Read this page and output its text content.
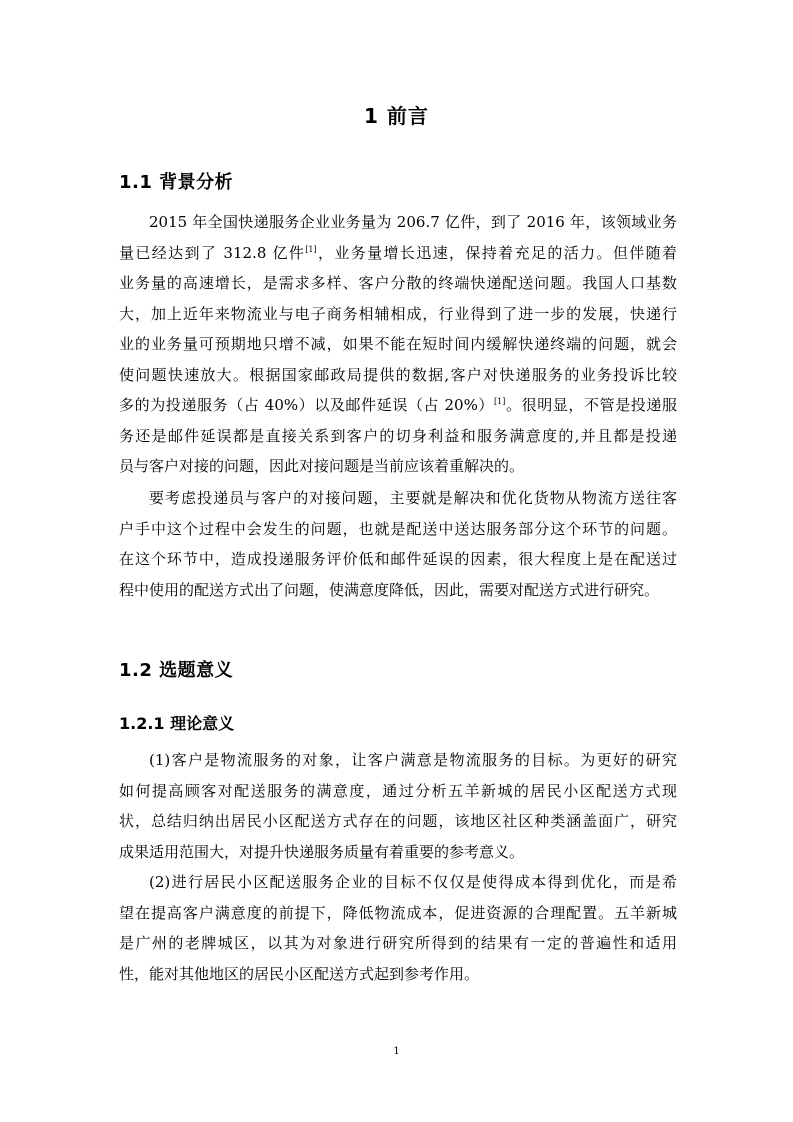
1 前言
1.1 背景分析
2015 年全国快递服务企业业务量为 206.7 亿件，到了 2016 年，该领域业务
量已经达到了 312.8 亿件[1]，业务量增长迅速，保持着充足的活力。但伴随着
业务量的高速增长，是需求多样、客户分散的终端快递配送问题。我国人口基数
大，加上近年来物流业与电子商务相辅相成，行业得到了进一步的发展，快递行
业的业务量可预期地只增不减，如果不能在短时间内缓解快递终端的问题，就会
使问题快速放大。根据国家邮政局提供的数据,客户对快递服务的业务投诉比较
多的为投递服务（占 40%）以及邮件延误（占 20%）[1]。很明显，不管是投递服
务还是邮件延误都是直接关系到客户的切身利益和服务满意度的,并且都是投递
员与客户对接的问题，因此对接问题是当前应该着重解决的。
要考虑投递员与客户的对接问题，主要就是解决和优化货物从物流方送往客
户手中这个过程中会发生的问题，也就是配送中送达服务部分这个环节的问题。
在这个环节中，造成投递服务评价低和邮件延误的因素，很大程度上是在配送过
程中使用的配送方式出了问题，使满意度降低，因此，需要对配送方式进行研究。
1.2 选题意义
1.2.1 理论意义
(1)客户是物流服务的对象，让客户满意是物流服务的目标。为更好的研究
如何提高顾客对配送服务的满意度，通过分析五羊新城的居民小区配送方式现
状，总结归纳出居民小区配送方式存在的问题，该地区社区种类涵盖面广，研究
成果适用范围大，对提升快递服务质量有着重要的参考意义。
(2)进行居民小区配送服务企业的目标不仅仅是使得成本得到优化，而是希
望在提高客户满意度的前提下，降低物流成本，促进资源的合理配置。五羊新城
是广州的老牌城区，以其为对象进行研究所得到的结果有一定的普遍性和适用
性，能对其他地区的居民小区配送方式起到参考作用。
1
